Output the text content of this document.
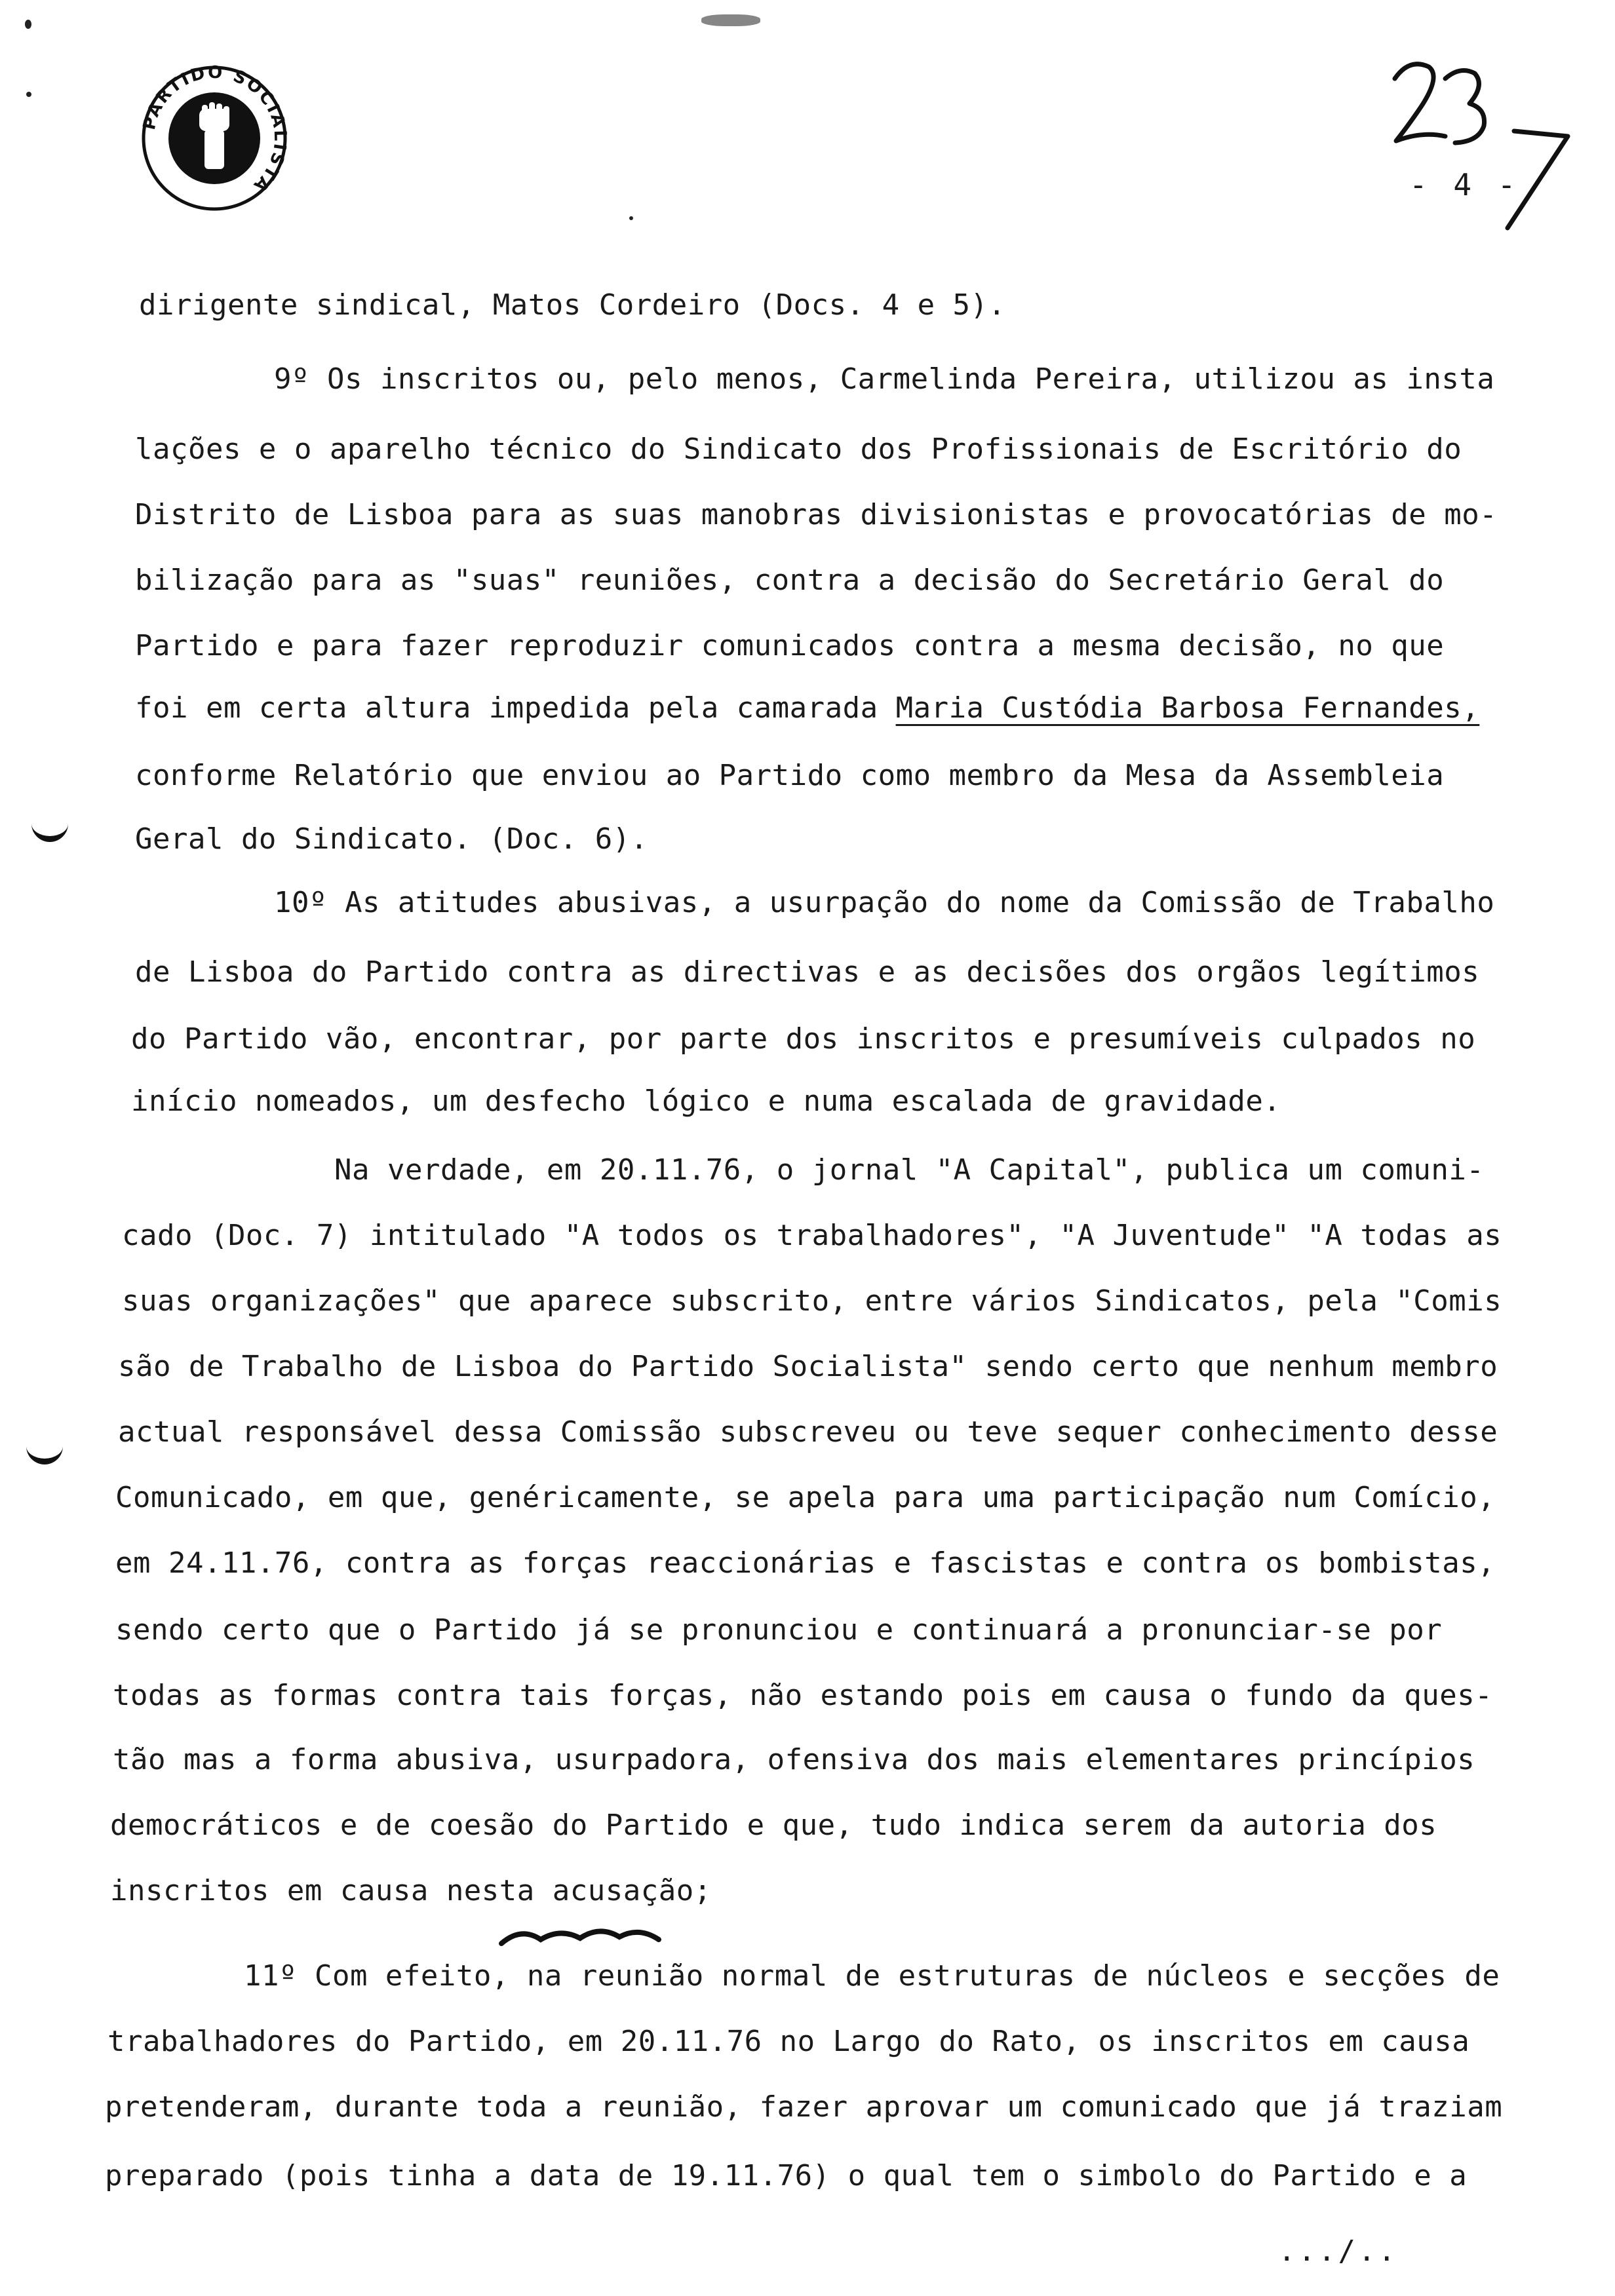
PARTIDO SOCIALISTA	- 4 -
dirigente sindical, Matos Cordeiro (Docs. 4 e 5).
9º Os inscritos ou, pelo menos, Carmelinda Pereira, utilizou as insta
lações e o aparelho técnico do Sindicato dos Profissionais de Escritório do
Distrito de Lisboa para as suas manobras divisionistas e provocatórias de mo-
bilização para as "suas" reuniões, contra a decisão do Secretário Geral do
Partido e para fazer reproduzir comunicados contra a mesma decisão, no que
foi em certa altura impedida pela camarada Maria Custódia Barbosa Fernandes,
conforme Relatório que enviou ao Partido como membro da Mesa da Assembleia
Geral do Sindicato. (Doc. 6).
10º As atitudes abusivas, a usurpação do nome da Comissão de Trabalho
de Lisboa do Partido contra as directivas e as decisões dos orgãos legítimos
do Partido vão, encontrar, por parte dos inscritos e presumíveis culpados no
início nomeados, um desfecho lógico e numa escalada de gravidade.
Na verdade, em 20.11.76, o jornal "A Capital", publica um comuni-
cado (Doc. 7) intitulado "A todos os trabalhadores", "A Juventude" "A todas as
suas organizações" que aparece subscrito, entre vários Sindicatos, pela "Comis
são de Trabalho de Lisboa do Partido Socialista" sendo certo que nenhum membro
actual responsável dessa Comissão subscreveu ou teve sequer conhecimento desse
Comunicado, em que, genéricamente, se apela para uma participação num Comício,
em 24.11.76, contra as forças reaccionárias e fascistas e contra os bombistas,
sendo certo que o Partido já se pronunciou e continuará a pronunciar-se por
todas as formas contra tais forças, não estando pois em causa o fundo da ques-
tão mas a forma abusiva, usurpadora, ofensiva dos mais elementares princípios
democráticos e de coesão do Partido e que, tudo indica serem da autoria dos
inscritos em causa nesta acusação;
11º Com efeito, na reunião normal de estruturas de núcleos e secções de
trabalhadores do Partido, em 20.11.76 no Largo do Rato, os inscritos em causa
pretenderam, durante toda a reunião, fazer aprovar um comunicado que já traziam
preparado (pois tinha a data de 19.11.76) o qual tem o simbolo do Partido e a
.../..
